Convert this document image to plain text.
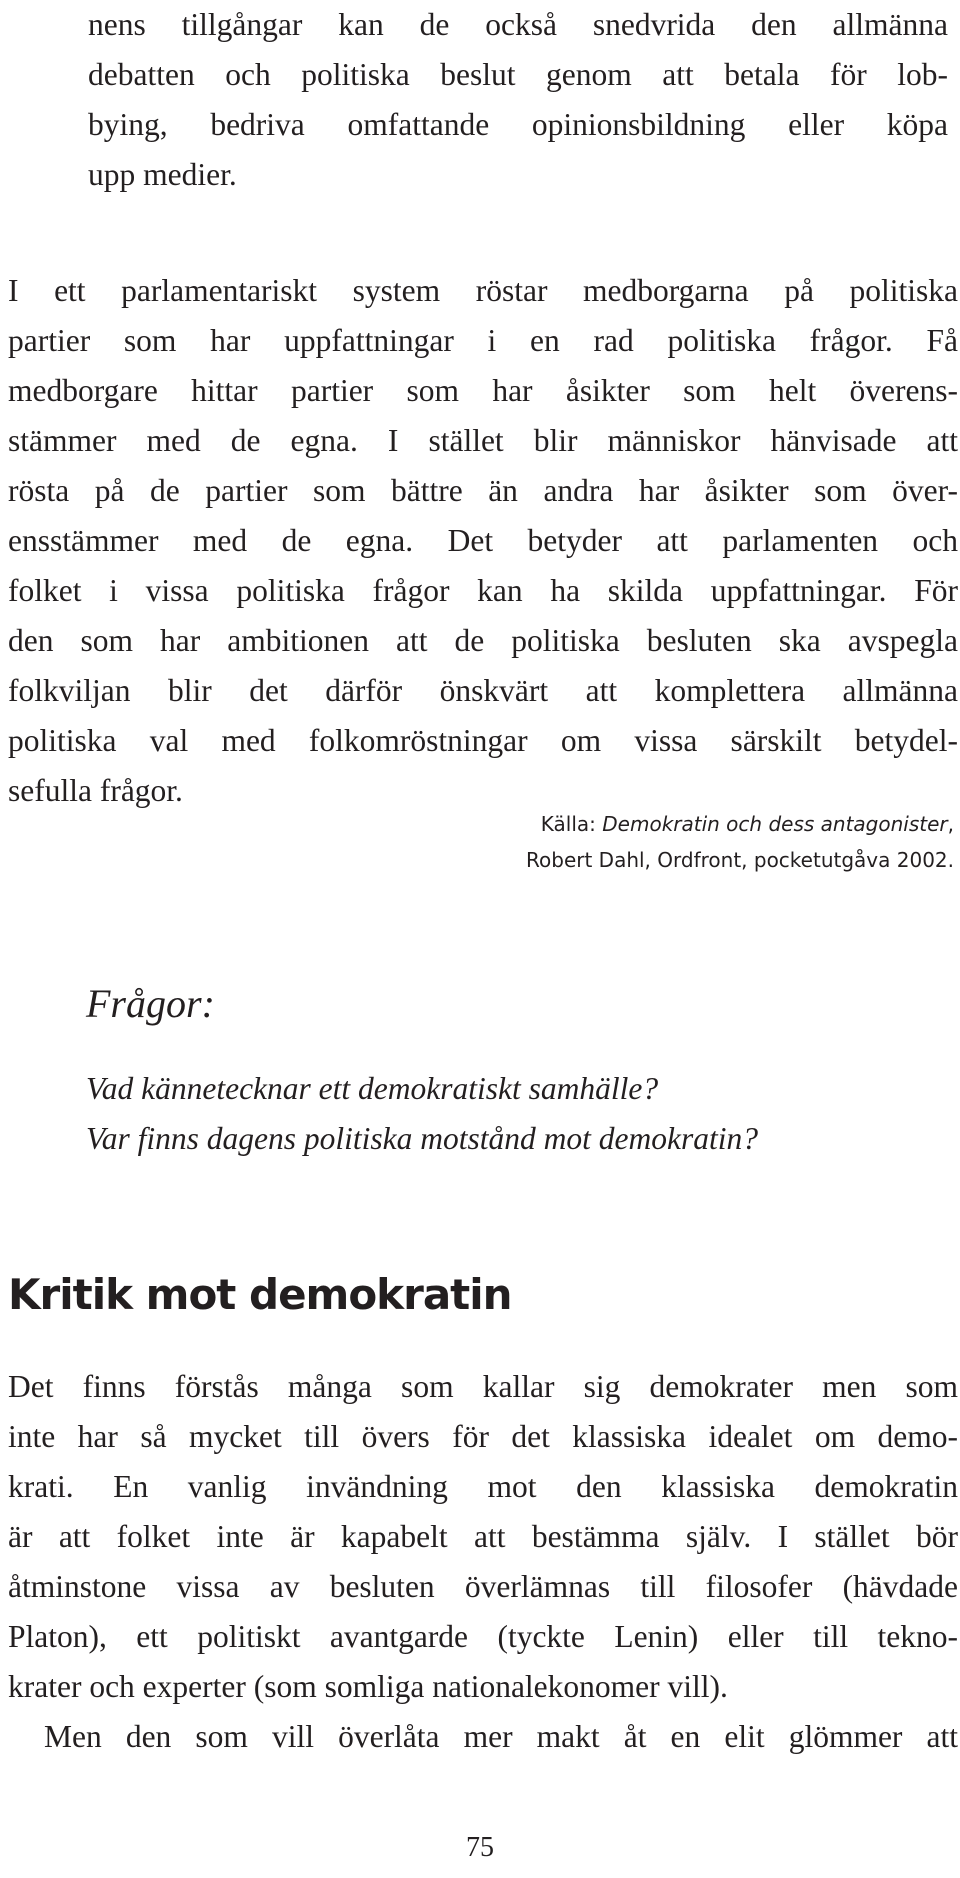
nens tillgångar kan de också snedvrida den allmänna
debatten och politiska beslut genom att betala för lob-
bying, bedriva omfattande opinionsbildning eller köpa
upp medier.

I ett parlamentariskt system röstar medborgarna på politiska
partier som har uppfattningar i en rad politiska frågor. Få
medborgare hittar partier som har åsikter som helt överens-
stämmer med de egna. I stället blir människor hänvisade att
rösta på de partier som bättre än andra har åsikter som över-
ensstämmer med de egna. Det betyder att parlamenten och
folket i vissa politiska frågor kan ha skilda uppfattningar. För
den som har ambitionen att de politiska besluten ska avspegla
folkviljan blir det därför önskvärt att komplettera allmänna
politiska val med folkomröstningar om vissa särskilt betydel-
sefulla frågor.

Källa: Demokratin och dess antagonister,
Robert Dahl, Ordfront, pocketutgåva 2002.
Frågor:

Vad kännetecknar ett demokratiskt samhälle?

Var finns dagens politiska motstånd mot demokratin?

Kritik mot demokratin

Det finns förstås många som kallar sig demokrater men som
inte har så mycket till övers för det klassiska idealet om demo-
krati. En vanlig invändning mot den klassiska demokratin
är att folket inte är kapabelt att bestämma själv. I stället bör
åtminstone vissa av besluten överlämnas till filosofer (hävdade
Platon), ett politiskt avantgarde (tyckte Lenin) eller till tekno-
krater och experter (som somliga nationalekonomer vill).
Men den som vill överlåta mer makt åt en elit glömmer att

75
